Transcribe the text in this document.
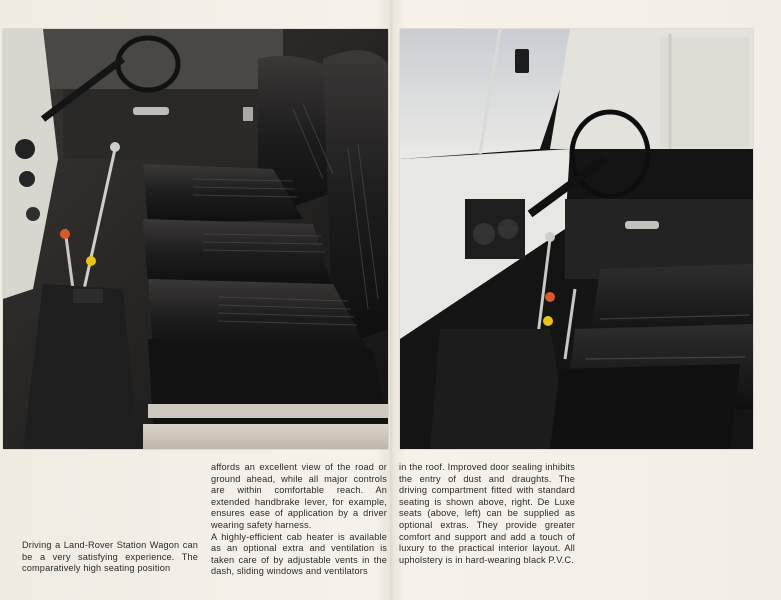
Driving a Land-Rover Station Wagon can be a very satisfying experience. The comparatively high seating position

affords an excellent view of the road or ground ahead, while all major controls are within comfortable reach. An extended handbrake lever, for example, ensures ease of application by a driver wearing safety harness.

A highly-efficient cab heater is available as an optional extra and ventilation is taken care of by adjustable vents in the dash, sliding windows and ventilators

in the roof. Improved door sealing inhibits the entry of dust and draughts. The driving compartment fitted with standard seating is shown above, right. De Luxe seats (above, left) can be supplied as optional extras. They provide greater comfort and support and add a touch of luxury to the practical interior layout. All upholstery is in hard-wearing black P.V.C.
